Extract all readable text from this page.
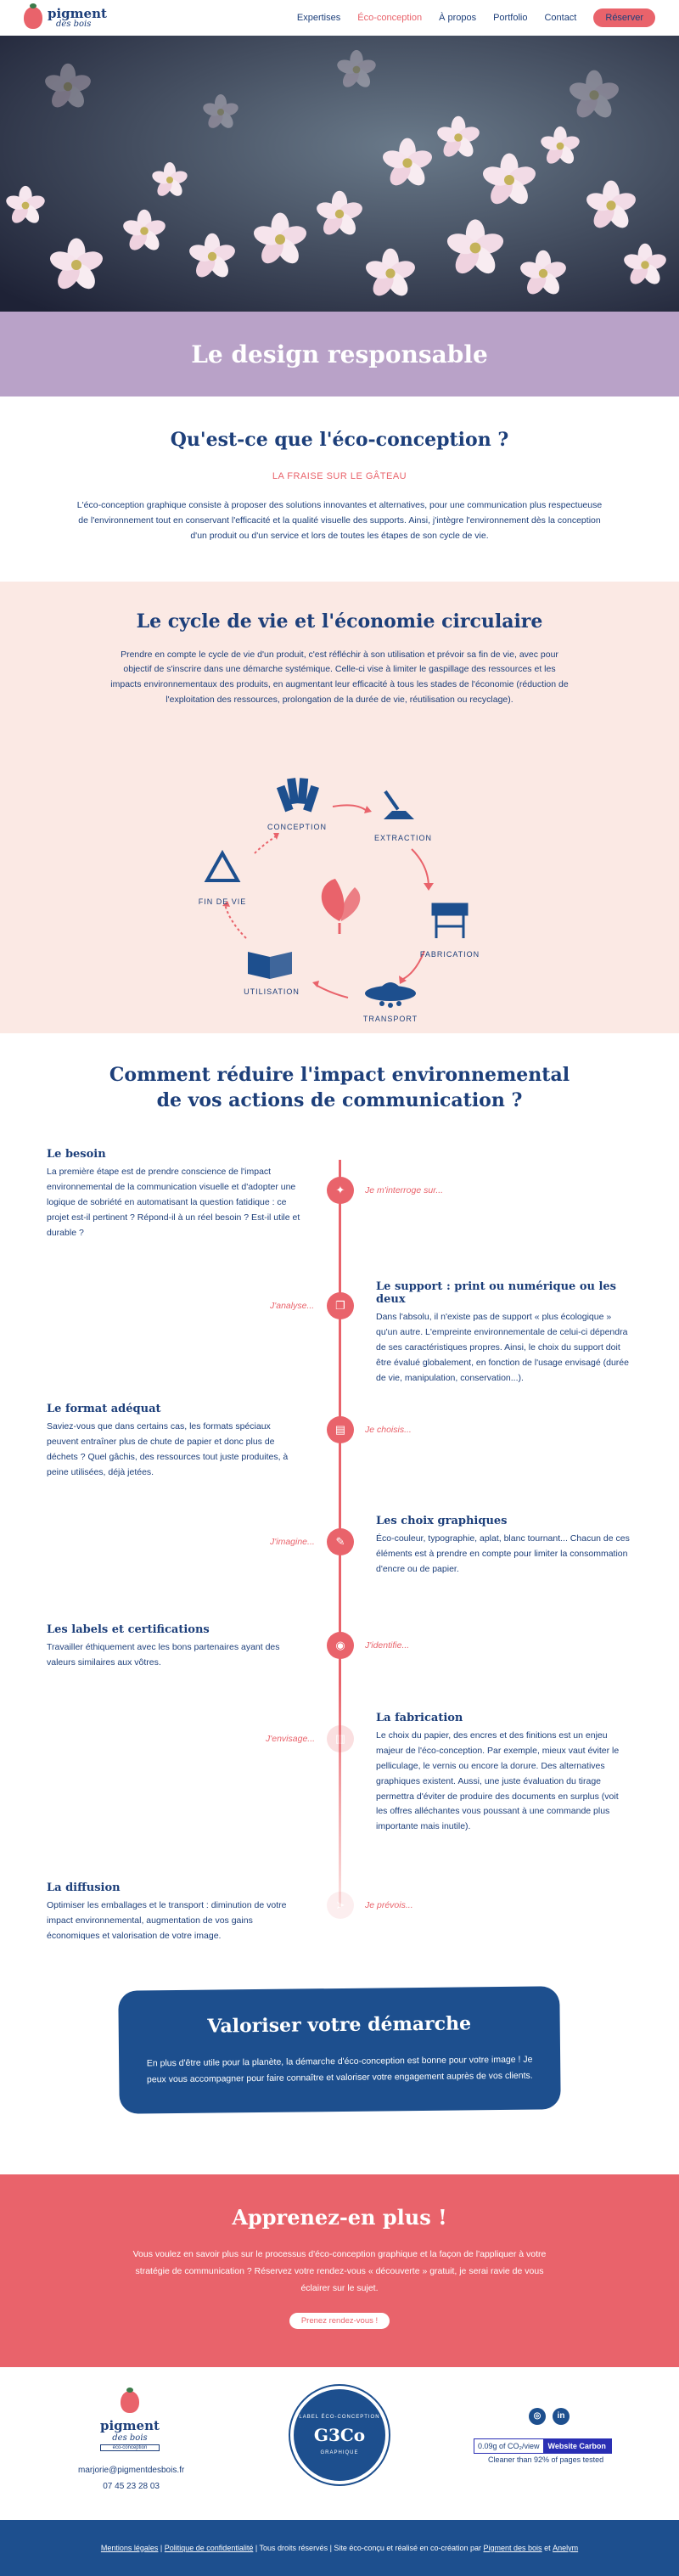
pigment
des bois
Expertises Éco-conception À propos Portfolio Contact	Réserver
Le design responsable
Qu'est-ce que l'éco-conception ?
LA FRAISE SUR LE GÂTEAU

L'éco-conception graphique consiste à proposer des solutions innovantes et alternatives, pour une communication plus respectueuse de l'environnement tout en conservant l'efficacité et la qualité visuelle des supports. Ainsi, j'intègre l'environnement dès la conception d'un produit ou d'un service et lors de toutes les étapes de son cycle de vie.

Le cycle de vie et l'économie circulaire

Prendre en compte le cycle de vie d'un produit, c'est réfléchir à son utilisation et prévoir sa fin de vie, avec pour objectif de s'inscrire dans une démarche systémique. Celle-ci vise à limiter le gaspillage des ressources et les impacts environnementaux des produits, en augmentant leur efficacité à tous les stades de l'économie (réduction de l'exploitation des ressources, prolongation de la durée de vie, réutilisation ou recyclage).

CONCEPTION
EXTRACTION
FABRICATION
TRANSPORT
UTILISATION
FIN DE VIE
Comment réduire l'impact environnemental
de vos actions de communication ?
Le besoin

La première étape est de prendre conscience de l'impact environnemental de la communication visuelle et d'adopter une logique de sobriété en automatisant la question fatidique : ce projet est-il pertinent ? Répond-il à un réel besoin ? Est-il utile et durable ?

✦	Je m'interroge sur...
Le support : print ou numérique ou les deux

Dans l'absolu, il n'existe pas de support « plus écologique » qu'un autre. L'empreinte environnementale de celui-ci dépendra de ses caractéristiques propres. Ainsi, le choix du support doit être évalué globalement, en fonction de l'usage envisagé (durée de vie, manipulation, conservation...).

❐
J'analyse...
Le format adéquat

Saviez-vous que dans certains cas, les formats spéciaux peuvent entraîner plus de chute de papier et donc plus de déchets ? Quel gâchis, des ressources tout juste produites, à peine utilisées, déjà jetées.

▤	Je choisis...
Les choix graphiques

Éco-couleur, typographie, aplat, blanc tournant... Chacun de ces éléments est à prendre en compte pour limiter la consommation d'encre ou de papier.

✎
J'imagine...
Les labels et certifications

Travailler éthiquement avec les bons partenaires ayant des valeurs similaires aux vôtres.

◉	J'identifie...
La fabrication

Le choix du papier, des encres et des finitions est un enjeu majeur de l'éco-conception. Par exemple, mieux vaut éviter le pelliculage, le vernis ou encore la dorure. Des alternatives graphiques existent. Aussi, une juste évaluation du tirage permettra d'éviter de produire des documents en surplus (voit les offres alléchantes vous poussant à une commande plus importante mais inutile).

▥
J'envisage...
La diffusion

Optimiser les emballages et le transport : diminution de votre impact environnemental, augmentation de vos gains économiques et valorisation de votre image.

➤	Je prévois...
Valoriser votre démarche

En plus d'être utile pour la planète, la démarche d'éco-conception est bonne pour votre image ! Je peux vous accompagner pour faire connaître et valoriser votre engagement auprès de vos clients.

Apprenez-en plus !

Vous voulez en savoir plus sur le processus d'éco-conception graphique et la façon de l'appliquer à votre stratégie de communication ? Réservez votre rendez-vous « découverte » gratuit, je serai ravie de vous éclairer sur le sujet.

Prenez rendez-vous !
pigment
des bois
éco-conception
marjorie@pigmentdesbois.fr
07 45 23 28 03
LABEL ÉCO-CONCEPTION
G3Co
GRAPHIQUE
◎	in
0.09g of CO₂/view	Website Carbon
Cleaner than 92% of pages tested
Mentions légales | Politique de confidentialité
| Tous droits réservés | Site éco-conçu et réalisé en co-création par
Pigment des bois
et
Anelym
